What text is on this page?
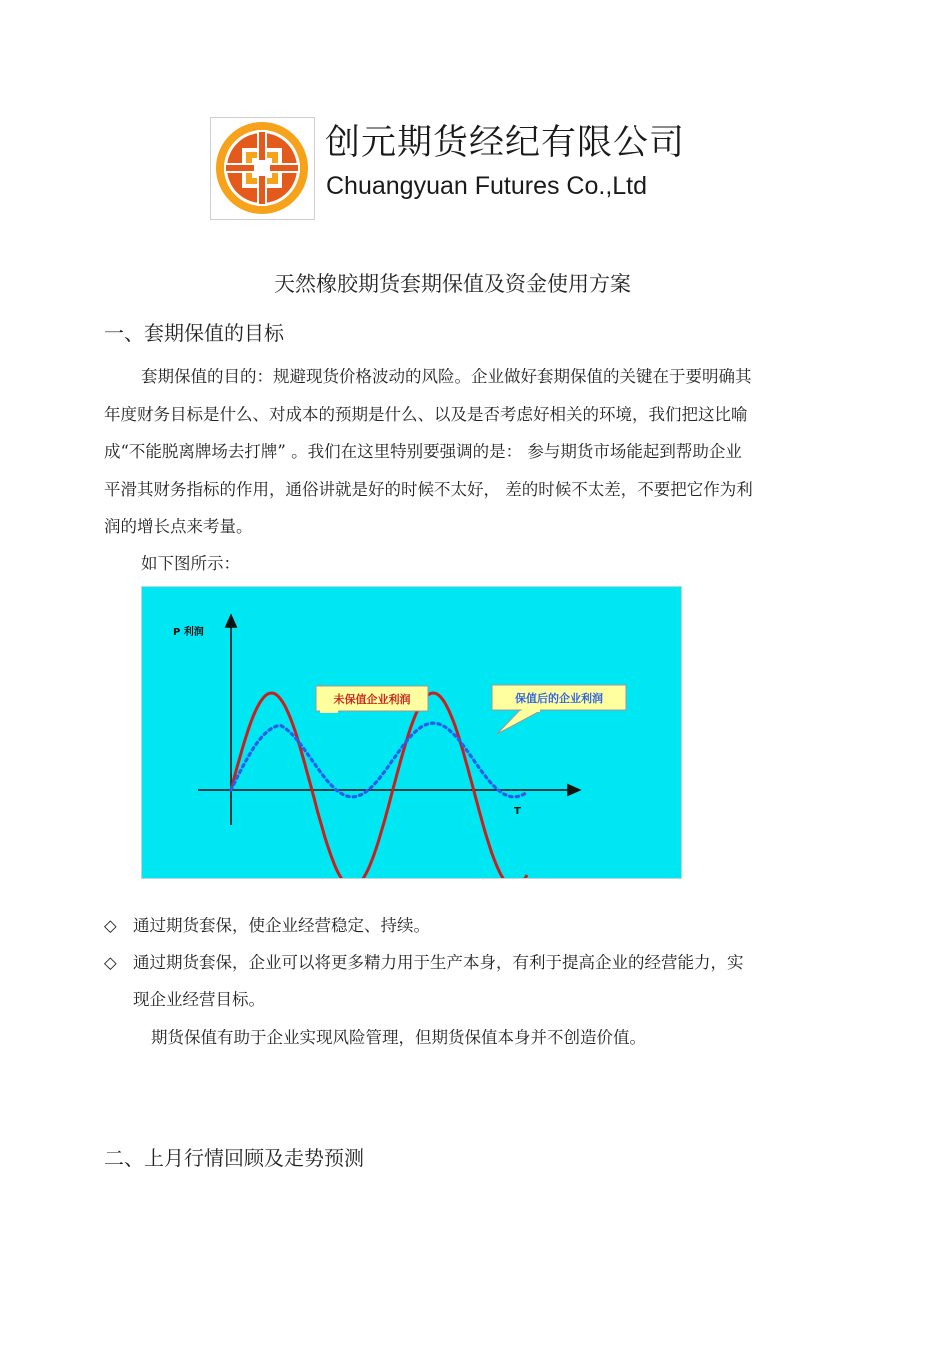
创元期货经纪有限公司
Chuangyuan Futures Co.,Ltd
天然橡胶期货套期保值及资金使用方案
一、套期保值的目标
套期保值的目的：规避现货价格波动的风险。企业做好套期保值的关键在于要明确其
年度财务目标是什么、对成本的预期是什么、以及是否考虑好相关的环境，我们把这比喻
成“不能脱离牌场去打牌” 。我们在这里特别要强调的是： 参与期货市场能起到帮助企业
平滑其财务指标的作用，通俗讲就是好的时候不太好， 差的时候不太差，不要把它作为利
润的增长点来考量。
如下图所示：
P 利润
T
未保值企业利润	保值后的企业利润
◇ 通过期货套保，使企业经营稳定、持续。
◇ 通过期货套保，企业可以将更多精力用于生产本身，有利于提高企业的经营能力，实
现企业经营目标。
期货保值有助于企业实现风险管理，但期货保值本身并不创造价值。
二、上月行情回顾及走势预测
